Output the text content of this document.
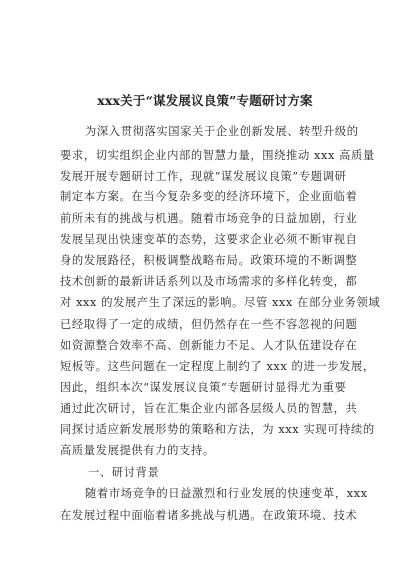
xxx关于“谋发展议良策”专题研讨方案
为深入贯彻落实国家关于企业创新发展、转型升级的
要求，切实组织企业内部的智慧力量，围绕推动 xxx 高质量
发展开展专题研讨工作，现就“谋发展议良策”专题调研
制定本方案。在当今复杂多变的经济环境下，企业面临着
前所未有的挑战与机遇。随着市场竞争的日益加剧，行业
发展呈现出快速变革的态势，这要求企业必须不断审视自
身的发展路径，积极调整战略布局。政策环境的不断调整
技术创新的最新讲话系列以及市场需求的多样化转变，都
对 xxx 的发展产生了深远的影响。尽管 xxx 在部分业务领域
已经取得了一定的成绩，但仍然存在一些不容忽视的问题
如资源整合效率不高、创新能力不足、人才队伍建设存在
短板等。这些问题在一定程度上制约了 xxx 的进一步发展，
因此，组织本次“谋发展议良策”专题研讨显得尤为重要
通过此次研讨，旨在汇集企业内部各层级人员的智慧，共
同探讨适应新发展形势的策略和方法，为 xxx 实现可持续的
高质量发展提供有力的支持。
一、研讨背景
随着市场竞争的日益激烈和行业发展的快速变革，xxx
在发展过程中面临着诸多挑战与机遇。在政策环境、技术
